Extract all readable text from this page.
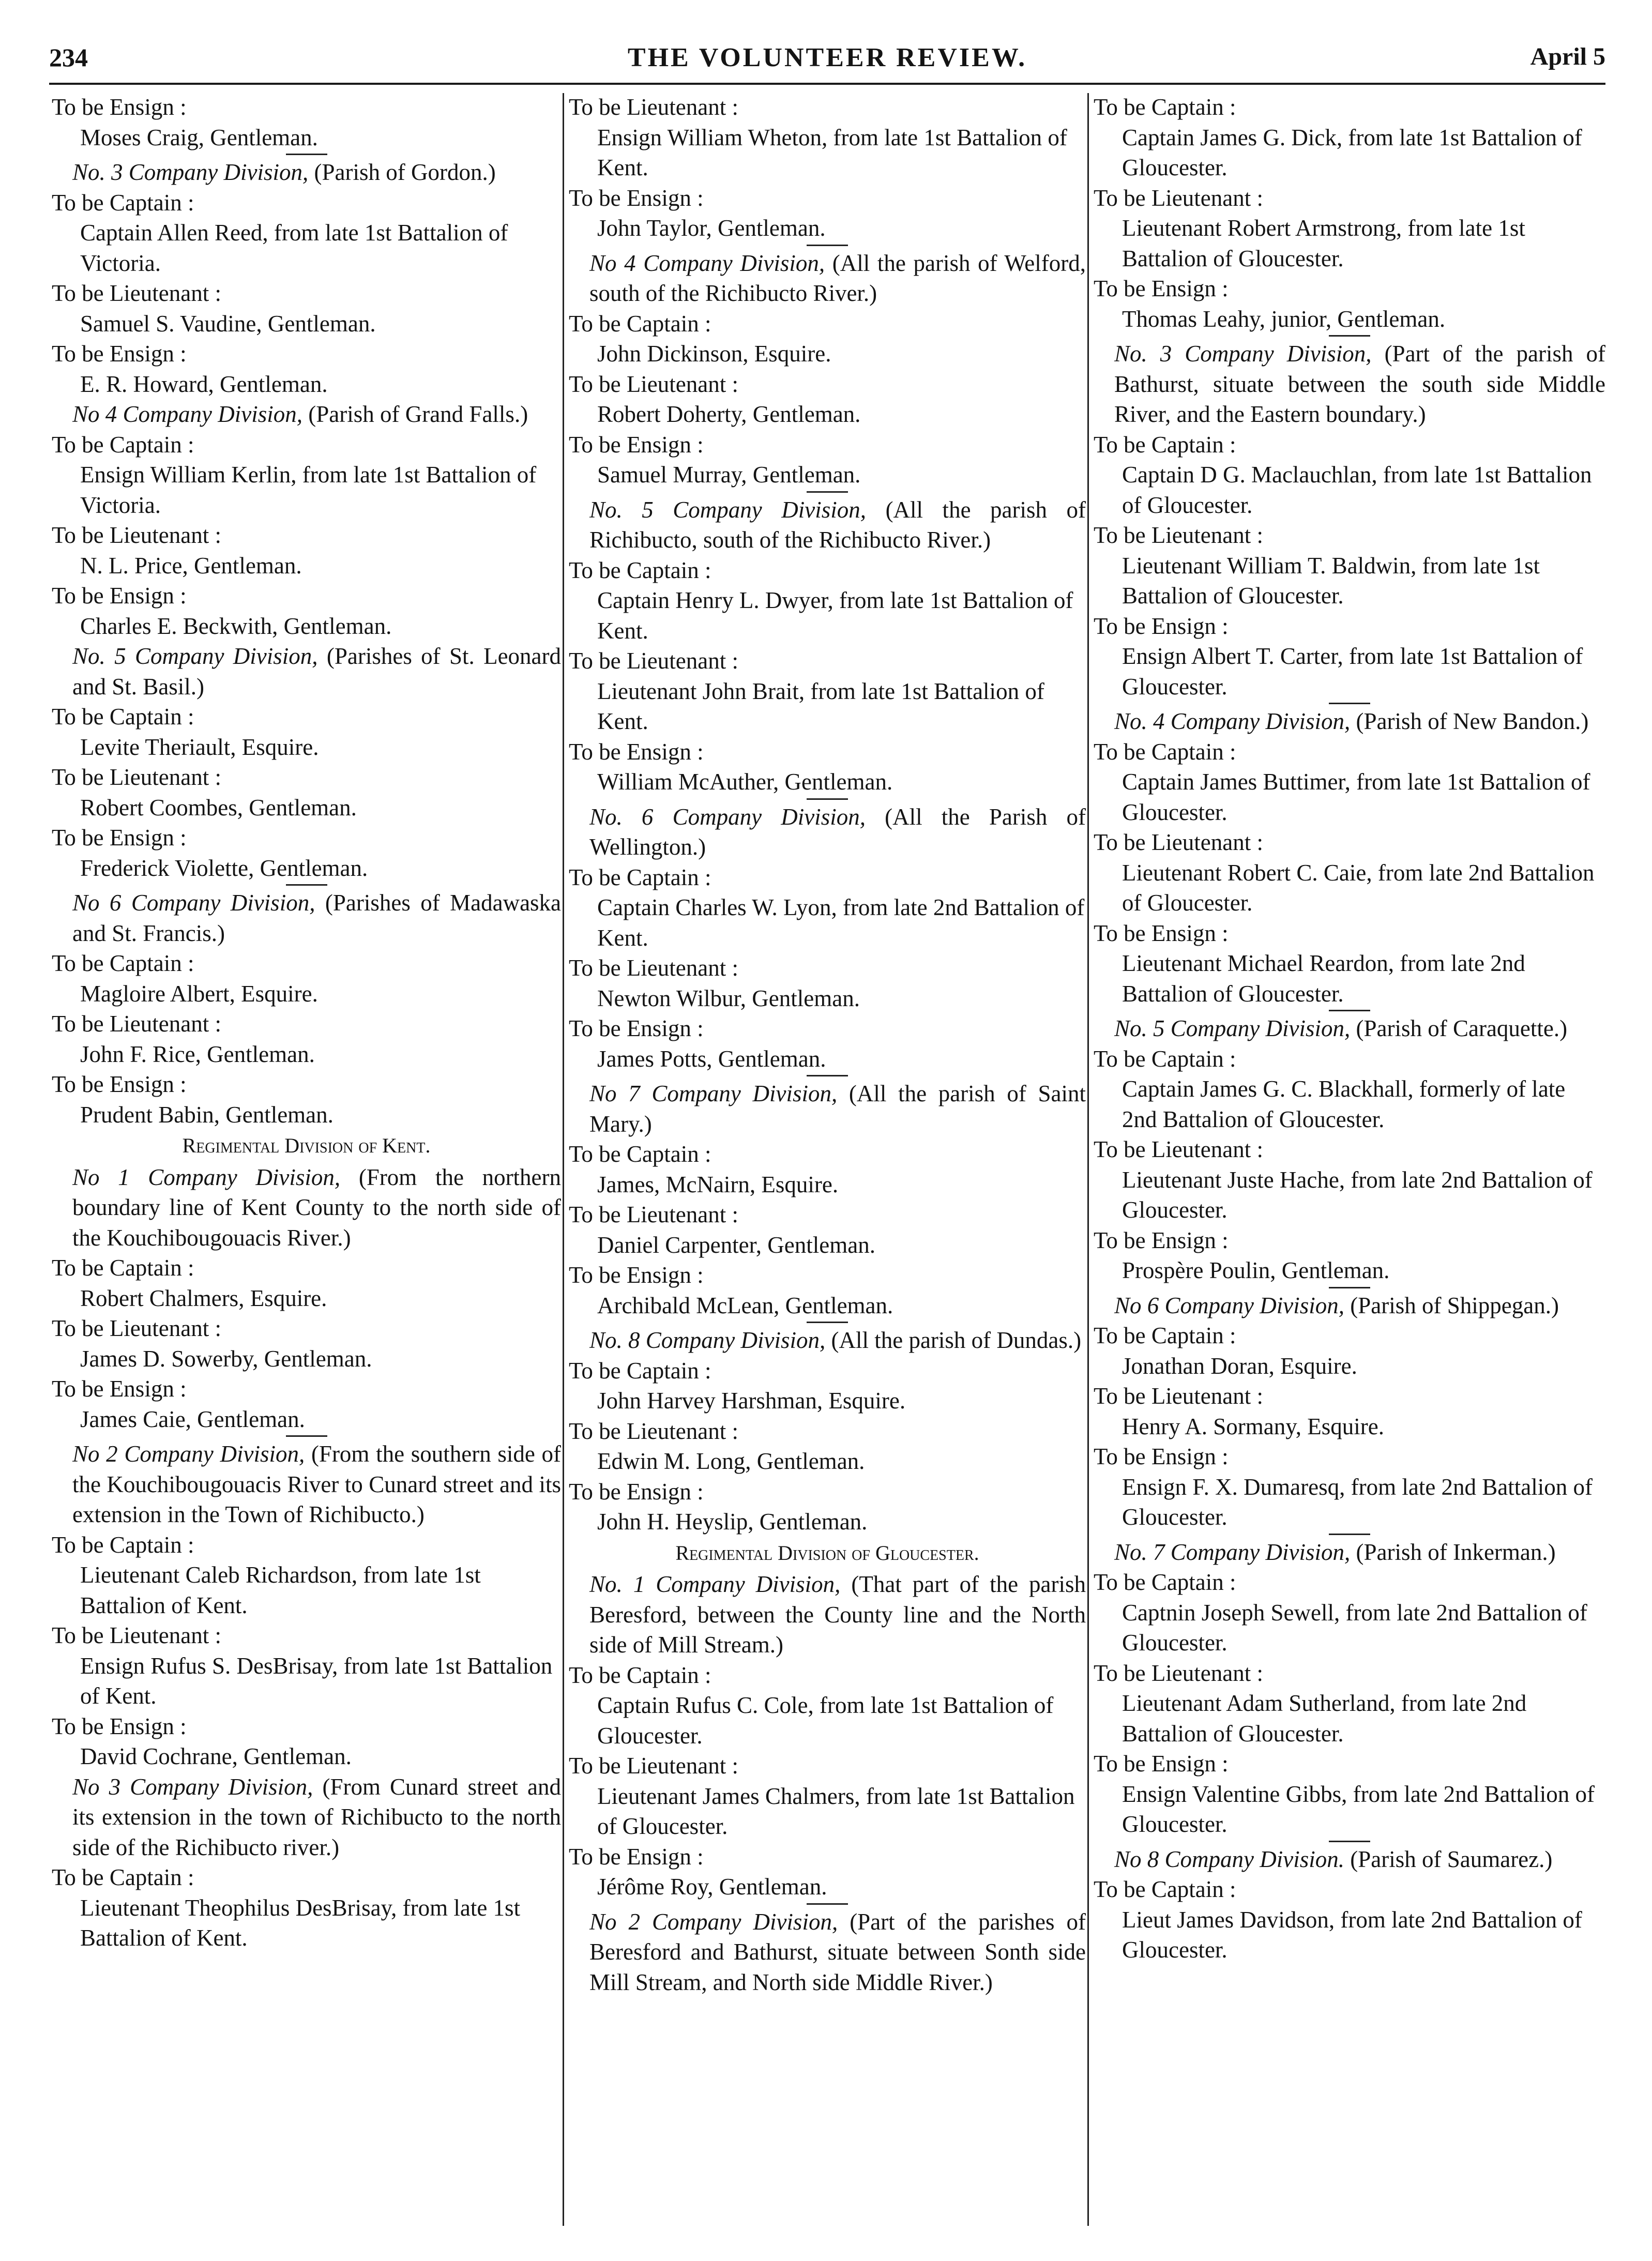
234	THE VOLUNTEER REVIEW.	April 5

To be Ensign :

Moses Craig, Gentleman.

No. 3 Company Division, (Parish of Gordon.)

To be Captain :

Captain Allen Reed, from late 1st Battalion of Victoria.

To be Lieutenant :

Samuel S. Vaudine, Gentleman.

To be Ensign :

E. R. Howard, Gentleman.

No 4 Company Division, (Parish of Grand Falls.)

To be Captain :

Ensign William Kerlin, from late 1st Battalion of Victoria.

To be Lieutenant :

N. L. Price, Gentleman.

To be Ensign :

Charles E. Beckwith, Gentleman.

No. 5 Company Division, (Parishes of St. Leonard and St. Basil.)

To be Captain :

Levite Theriault, Esquire.

To be Lieutenant :

Robert Coombes, Gentleman.

To be Ensign :

Frederick Violette, Gentleman.

No 6 Company Division, (Parishes of Madawaska and St. Francis.)

To be Captain :

Magloire Albert, Esquire.

To be Lieutenant :

John F. Rice, Gentleman.

To be Ensign :

Prudent Babin, Gentleman.

Regimental Division of Kent.

No 1 Company Division, (From the northern boundary line of Kent County to the north side of the Kouchibougouacis River.)

To be Captain :

Robert Chalmers, Esquire.

To be Lieutenant :

James D. Sowerby, Gentleman.

To be Ensign :

James Caie, Gentleman.

No 2 Company Division, (From the southern side of the Kouchibougouacis River to Cunard street and its extension in the Town of Richibucto.)

To be Captain :

Lieutenant Caleb Richardson, from late 1st Battalion of Kent.

To be Lieutenant :

Ensign Rufus S. DesBrisay, from late 1st Battalion of Kent.

To be Ensign :

David Cochrane, Gentleman.

No 3 Company Division, (From Cunard street and its extension in the town of Richibucto to the north side of the Richibucto river.)

To be Captain :

Lieutenant Theophilus DesBrisay, from late 1st Battalion of Kent.

To be Lieutenant :

Ensign William Wheton, from late 1st Battalion of Kent.

To be Ensign :

John Taylor, Gentleman.

No 4 Company Division, (All the parish of Welford, south of the Richibucto River.)

To be Captain :

John Dickinson, Esquire.

To be Lieutenant :

Robert Doherty, Gentleman.

To be Ensign :

Samuel Murray, Gentleman.

No. 5 Company Division, (All the parish of Richibucto, south of the Richibucto River.)

To be Captain :

Captain Henry L. Dwyer, from late 1st Battalion of Kent.

To be Lieutenant :

Lieutenant John Brait, from late 1st Battalion of Kent.

To be Ensign :

William McAuther, Gentleman.

No. 6 Company Division, (All the Parish of Wellington.)

To be Captain :

Captain Charles W. Lyon, from late 2nd Battalion of Kent.

To be Lieutenant :

Newton Wilbur, Gentleman.

To be Ensign :

James Potts, Gentleman.

No 7 Company Division, (All the parish of Saint Mary.)

To be Captain :

James, McNairn, Esquire.

To be Lieutenant :

Daniel Carpenter, Gentleman.

To be Ensign :

Archibald McLean, Gentleman.

No. 8 Company Division, (All the parish of Dundas.)

To be Captain :

John Harvey Harshman, Esquire.

To be Lieutenant :

Edwin M. Long, Gentleman.

To be Ensign :

John H. Heyslip, Gentleman.

Regimental Division of Gloucester.

No. 1 Company Division, (That part of the parish Beresford, between the County line and the North side of Mill Stream.)

To be Captain :

Captain Rufus C. Cole, from late 1st Battalion of Gloucester.

To be Lieutenant :

Lieutenant James Chalmers, from late 1st Battalion of Gloucester.

To be Ensign :

Jérôme Roy, Gentleman.

No 2 Company Division, (Part of the parishes of Beresford and Bathurst, situate between Sonth side Mill Stream, and North side Middle River.)

To be Captain :

Captain James G. Dick, from late 1st Battalion of Gloucester.

To be Lieutenant :

Lieutenant Robert Armstrong, from late 1st Battalion of Gloucester.

To be Ensign :

Thomas Leahy, junior, Gentleman.

No. 3 Company Division, (Part of the parish of Bathurst, situate between the south side Middle River, and the Eastern boundary.)

To be Captain :

Captain D G. Maclauchlan, from late 1st Battalion of Gloucester.

To be Lieutenant :

Lieutenant William T. Baldwin, from late 1st Battalion of Gloucester.

To be Ensign :

Ensign Albert T. Carter, from late 1st Battalion of Gloucester.

No. 4 Company Division, (Parish of New Bandon.)

To be Captain :

Captain James Buttimer, from late 1st Battalion of Gloucester.

To be Lieutenant :

Lieutenant Robert C. Caie, from late 2nd Battalion of Gloucester.

To be Ensign :

Lieutenant Michael Reardon, from late 2nd Battalion of Gloucester.

No. 5 Company Division, (Parish of Caraquette.)

To be Captain :

Captain James G. C. Blackhall, formerly of late 2nd Battalion of Gloucester.

To be Lieutenant :

Lieutenant Juste Hache, from late 2nd Battalion of Gloucester.

To be Ensign :

Prospère Poulin, Gentleman.

No 6 Company Division, (Parish of Shippegan.)

To be Captain :

Jonathan Doran, Esquire.

To be Lieutenant :

Henry A. Sormany, Esquire.

To be Ensign :

Ensign F. X. Dumaresq, from late 2nd Battalion of Gloucester.

No. 7 Company Division, (Parish of Inkerman.)

To be Captain :

Captnin Joseph Sewell, from late 2nd Battalion of Gloucester.

To be Lieutenant :

Lieutenant Adam Sutherland, from late 2nd Battalion of Gloucester.

To be Ensign :

Ensign Valentine Gibbs, from late 2nd Battalion of Gloucester.

No 8 Company Division. (Parish of Saumarez.)

To be Captain :

Lieut James Davidson, from late 2nd Battalion of Gloucester.
